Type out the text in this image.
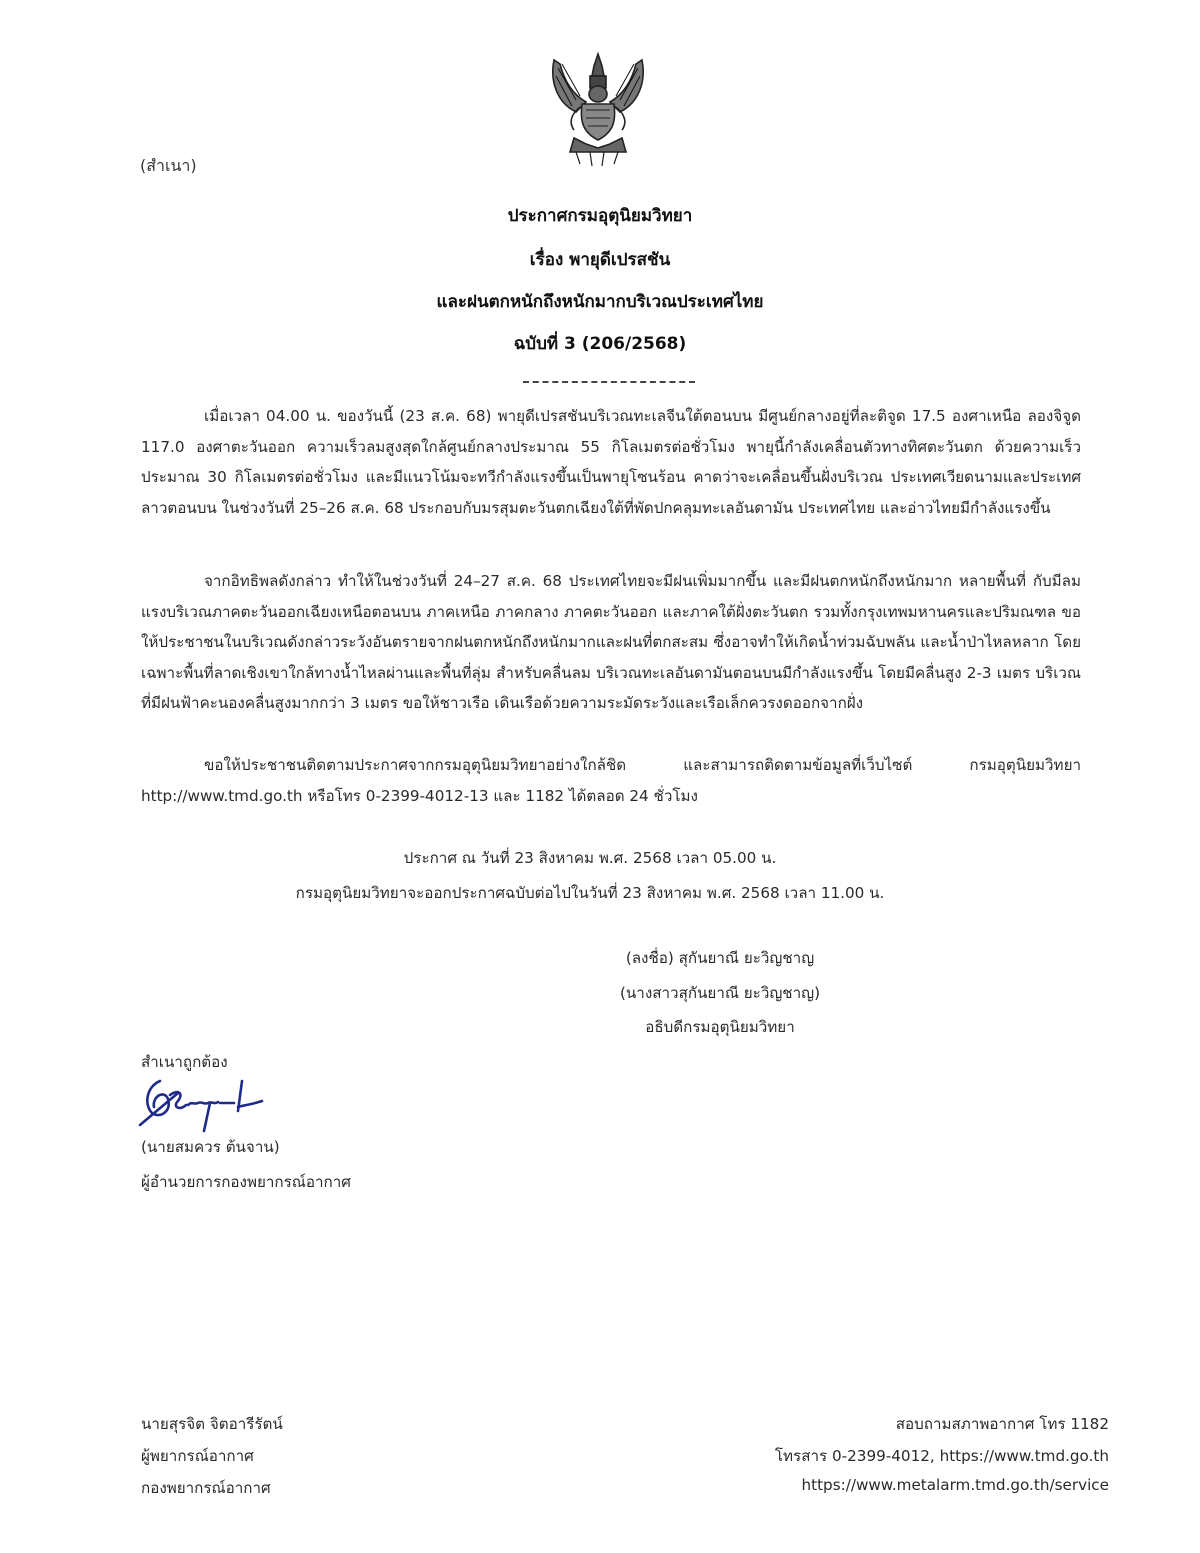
(สำเนา)
ประกาศกรมอุตุนิยมวิทยา
เรื่อง พายุดีเปรสชัน
และฝนตกหนักถึงหนักมากบริเวณประเทศไทย
ฉบับที่ 3 (206/2568)

เมื่อเวลา 04.00 น. ของวันนี้ (23 ส.ค. 68) พายุดีเปรสชันบริเวณทะเลจีนใต้ตอนบน มีศูนย์กลางอยู่ที่ละติจูด 17.5 องศาเหนือ ลองจิจูด 117.0 องศาตะวันออก ความเร็วลมสูงสุดใกล้ศูนย์กลางประมาณ 55 กิโลเมตรต่อชั่วโมง พายุนี้กำลังเคลื่อนตัวทางทิศตะวันตก ด้วยความเร็วประมาณ 30 กิโลเมตรต่อชั่วโมง และมีแนวโน้มจะทวีกำลังแรงขึ้นเป็นพายุโซนร้อน คาดว่าจะเคลื่อนขึ้นฝั่งบริเวณ ประเทศเวียดนามและประเทศลาวตอนบน ในช่วงวันที่ 25–26 ส.ค. 68 ประกอบกับมรสุมตะวันตกเฉียงใต้ที่พัดปกคลุมทะเลอันดามัน ประเทศไทย และอ่าวไทยมีกำลังแรงขึ้น

จากอิทธิพลดังกล่าว ทำให้ในช่วงวันที่ 24–27 ส.ค. 68 ประเทศไทยจะมีฝนเพิ่มมากขึ้น และมีฝนตกหนักถึงหนักมาก หลายพื้นที่ กับมีลมแรงบริเวณภาคตะวันออกเฉียงเหนือตอนบน ภาคเหนือ ภาคกลาง ภาคตะวันออก และภาคใต้ฝั่งตะวันตก รวมทั้งกรุงเทพมหานครและปริมณฑล ขอให้ประชาชนในบริเวณดังกล่าวระวังอันตรายจากฝนตกหนักถึงหนักมากและฝนที่ตกสะสม ซึ่งอาจทำให้เกิดน้ำท่วมฉับพลัน และน้ำป่าไหลหลาก โดยเฉพาะพื้นที่ลาดเชิงเขาใกล้ทางน้ำไหลผ่านและพื้นที่ลุ่ม สำหรับคลื่นลม บริเวณทะเลอันดามันตอนบนมีกำลังแรงขึ้น โดยมีคลื่นสูง 2-3 เมตร บริเวณที่มีฝนฟ้าคะนองคลื่นสูงมากกว่า 3 เมตร ขอให้ชาวเรือ เดินเรือด้วยความระมัดระวังและเรือเล็กควรงดออกจากฝั่ง

ขอให้ประชาชนติดตามประกาศจากกรมอุตุนิยมวิทยาอย่างใกล้ชิด และสามารถติดตามข้อมูลที่เว็บไซต์ กรมอุตุนิยมวิทยา http://www.tmd.go.th หรือโทร 0-2399-4012-13 และ 1182 ได้ตลอด 24 ชั่วโมง

ประกาศ ณ วันที่ 23 สิงหาคม พ.ศ. 2568 เวลา 05.00 น.
กรมอุตุนิยมวิทยาจะออกประกาศฉบับต่อไปในวันที่ 23 สิงหาคม พ.ศ. 2568 เวลา 11.00 น.
(ลงชื่อ) สุกันยาณี ยะวิญชาญ
(นางสาวสุกันยาณี ยะวิญชาญ)
อธิบดีกรมอุตุนิยมวิทยา
สำเนาถูกต้อง
(นายสมควร ต้นจาน)
ผู้อำนวยการกองพยากรณ์อากาศ
นายสุรจิต จิตอารีรัตน์
ผู้พยากรณ์อากาศ
กองพยากรณ์อากาศ
สอบถามสภาพอากาศ โทร 1182
โทรสาร 0-2399-4012, https://www.tmd.go.th
https://www.metalarm.tmd.go.th/service
